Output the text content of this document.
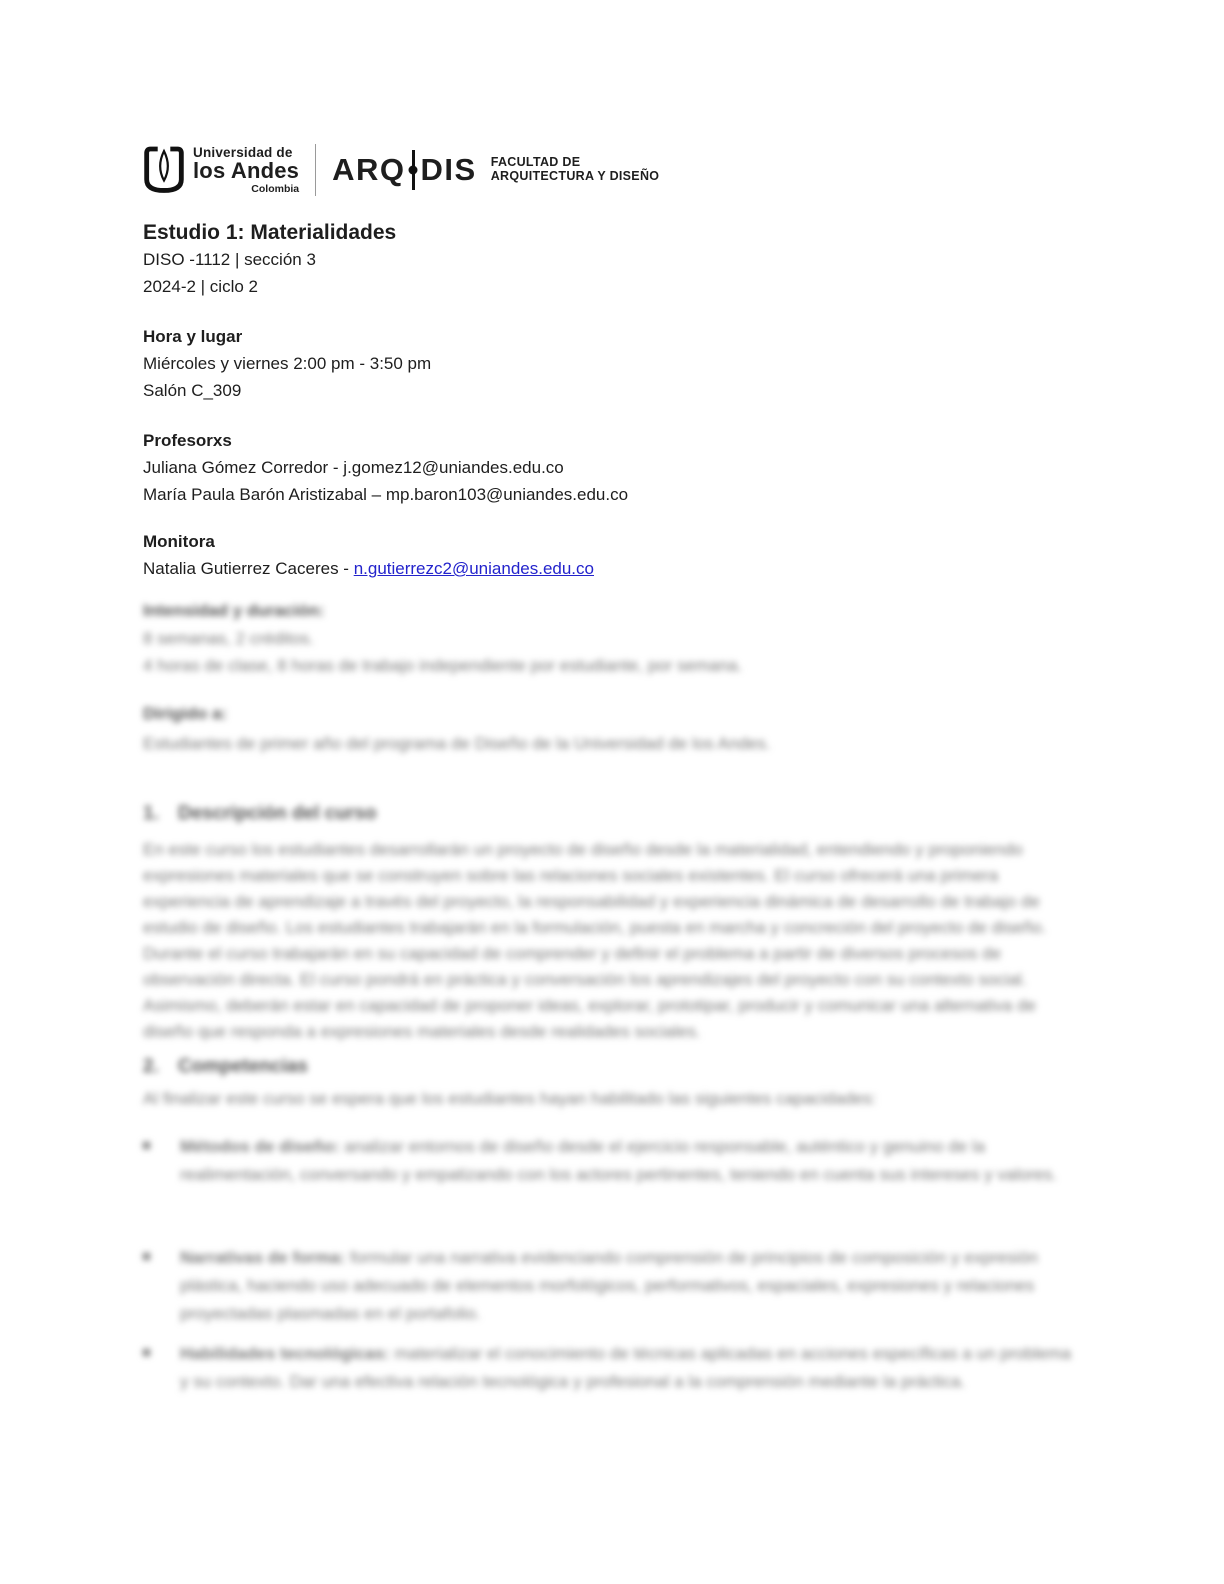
Universidad de
los Andes
Colombia
ARQ DIS FACULTAD DE
ARQUITECTURA Y DISEÑO
Estudio 1: Materialidades
DISO -1112 | sección 3
2024-2 | ciclo 2
Hora y lugar
Miércoles y viernes 2:00 pm - 3:50 pm
Salón C_309
Profesorxs
Juliana Gómez Corredor - j.gomez12@uniandes.edu.co
María Paula Barón Aristizabal – mp.baron103@uniandes.edu.co
Monitora
Natalia Gutierrez Caceres - n.gutierrezc2@uniandes.edu.co
Intensidad y duración:
8 semanas, 2 créditos.
4 horas de clase, 8 horas de trabajo independiente por estudiante, por semana.
Dirigido a:
Estudiantes de primer año del programa de Diseño de la Universidad de los Andes.
1.	Descripción del curso
En este curso los estudiantes desarrollarán un proyecto de diseño desde la materialidad, entendiendo y proponiendo expresiones materiales que se construyen sobre las relaciones sociales existentes. El curso ofrecerá una primera experiencia de aprendizaje a través del proyecto, la responsabilidad y experiencia dinámica de desarrollo de trabajo de estudio de diseño. Los estudiantes trabajarán en la formulación, puesta en marcha y concreción del proyecto de diseño. Durante el curso trabajarán en su capacidad de comprender y definir el problema a partir de diversos procesos de observación directa. El curso pondrá en práctica y conversación los aprendizajes del proyecto con su contexto social. Asimismo, deberán estar en capacidad de proponer ideas, explorar, prototipar, producir y comunicar una alternativa de diseño que responda a expresiones materiales desde realidades sociales.
2.	Competencias
Al finalizar este curso se espera que los estudiantes hayan habilitado las siguientes capacidades:
Métodos de diseño: analizar entornos de diseño desde el ejercicio responsable, auténtico y genuino de la realimentación, conversando y empatizando con los actores pertinentes, teniendo en cuenta sus intereses y valores.
Narrativas de forma: formular una narrativa evidenciando comprensión de principios de composición y expresión plástica, haciendo uso adecuado de elementos morfológicos, performativos, espaciales, expresiones y relaciones proyectadas plasmadas en el portafolio.
Habilidades tecnológicas: materializar el conocimiento de técnicas aplicadas en acciones específicas a un problema y su contexto. Dar una efectiva relación tecnológica y profesional a la comprensión mediante la práctica.
